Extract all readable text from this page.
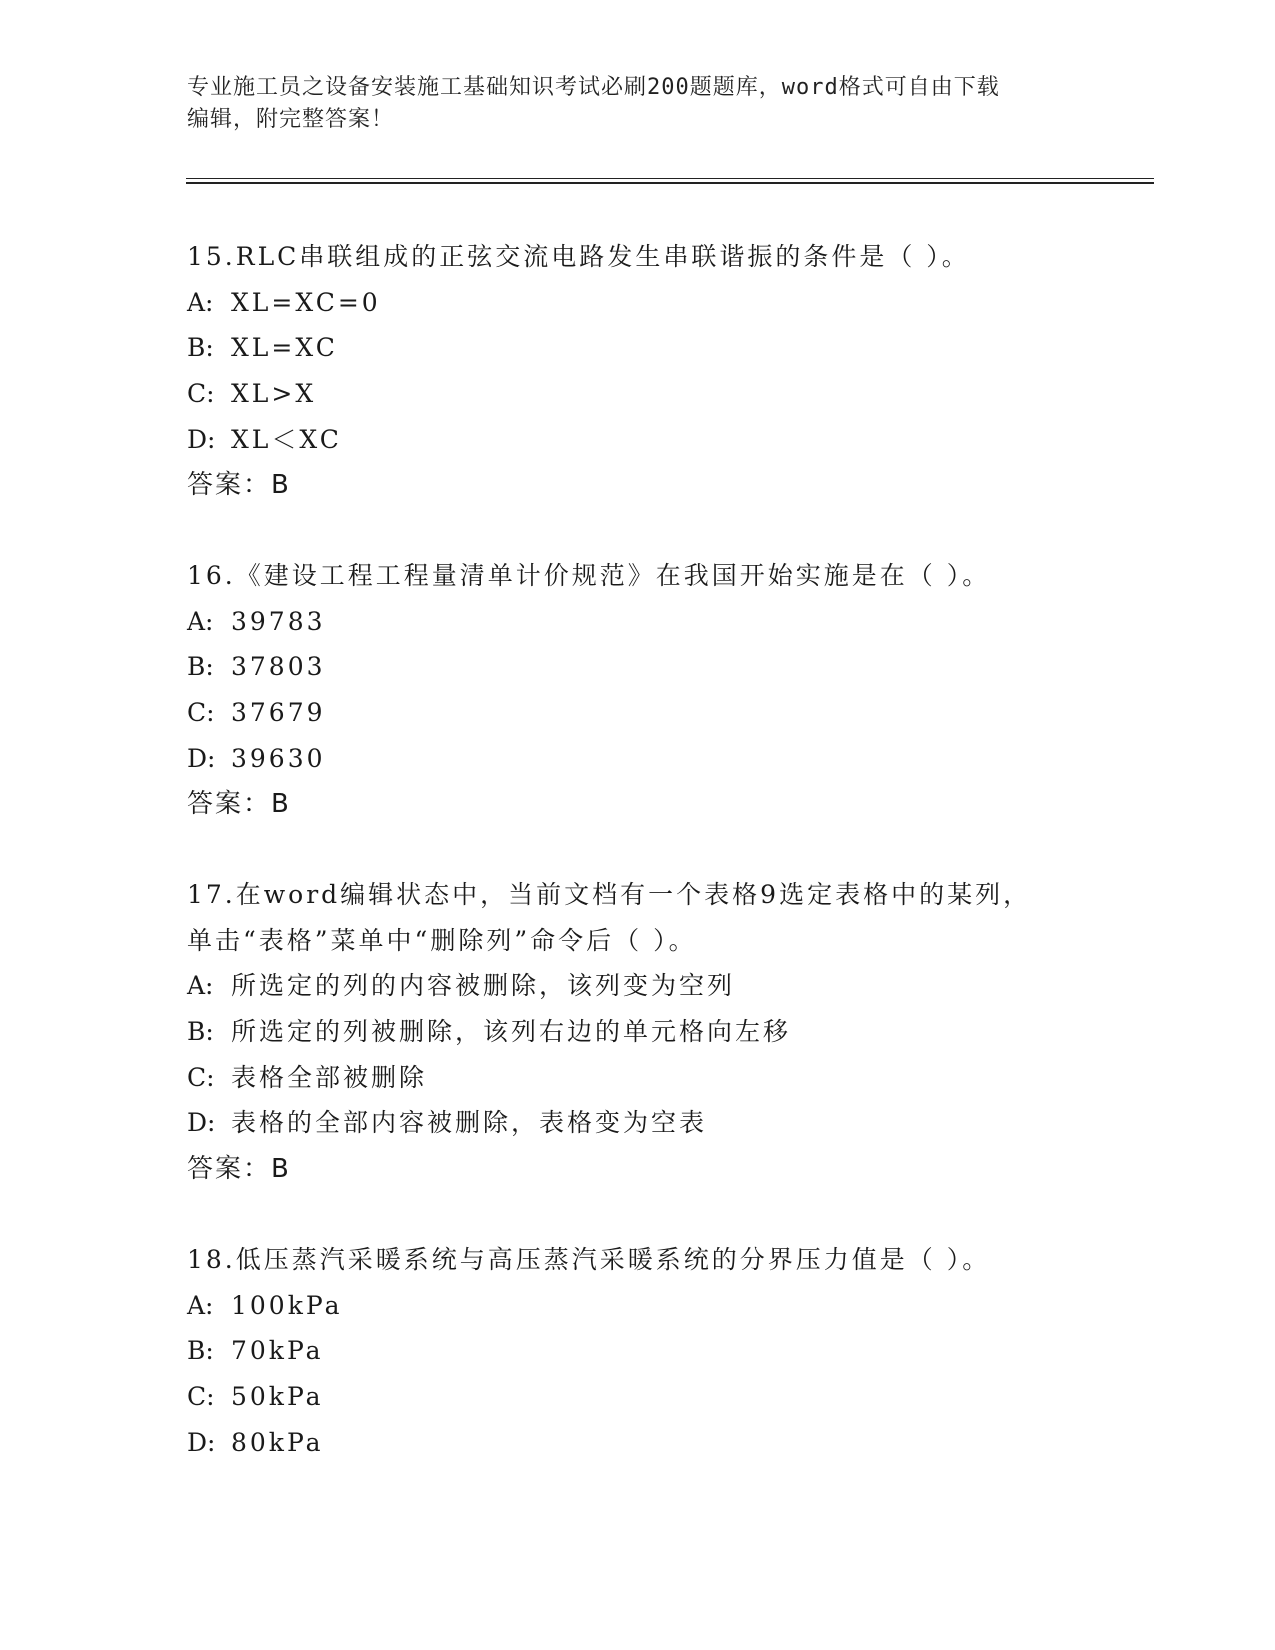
专业施工员之设备安装施工基础知识考试必刷200题题库，word格式可自由下载
编辑，附完整答案！
15.RLC串联组成的正弦交流电路发生串联谐振的条件是（ ）。
A: XL=XC=0
B: XL=XC
C: XL>X
D: XL＜XC
答案：B
16.《建设工程工程量清单计价规范》在我国开始实施是在（ ）。
A: 39783
B: 37803
C: 37679
D: 39630
答案：B
17.在word编辑状态中，当前文档有一个表格9选定表格中的某列，
单击“表格”菜单中“删除列”命令后（ ）。
A: 所选定的列的内容被删除，该列变为空列
B: 所选定的列被删除，该列右边的单元格向左移
C: 表格全部被删除
D: 表格的全部内容被删除，表格变为空表
答案：B
18.低压蒸汽采暖系统与高压蒸汽采暖系统的分界压力值是（ ）。
A: 100kPa
B: 70kPa
C: 50kPa
D: 80kPa
